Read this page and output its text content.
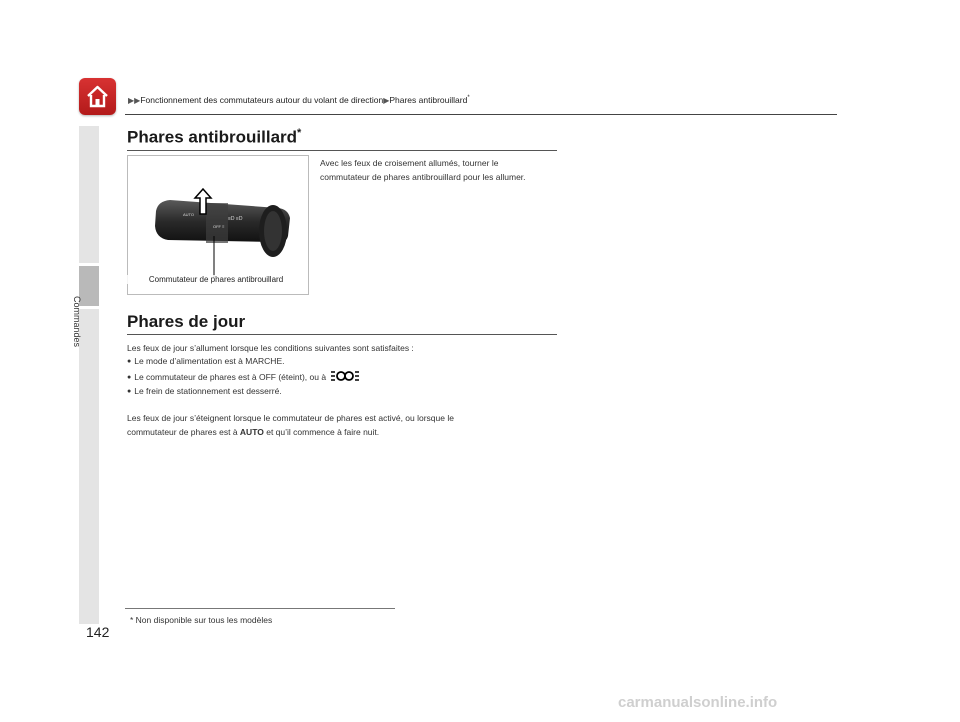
▶▶Fonctionnement des commutateurs autour du volant de direction▶Phares antibrouillard*
Commandes
Phares antibrouillard*
AUTO
≡D ≡D
OFF ≡
Commutateur de phares antibrouillard
Avec les feux de croisement allumés, tourner le commutateur de phares antibrouillard pour les allumer.
Phares de jour
Les feux de jour s’allument lorsque les conditions suivantes sont satisfaites :
● Le mode d’alimentation est à MARCHE.
● Le commutateur de phares est à OFF (éteint), ou à
● Le frein de stationnement est desserré.
Les feux de jour s’éteignent lorsque le commutateur de phares est activé, ou lorsque le
commutateur de phares est à AUTO et qu’il commence à faire nuit.
* Non disponible sur tous les modèles
142
carmanualsonline.info
